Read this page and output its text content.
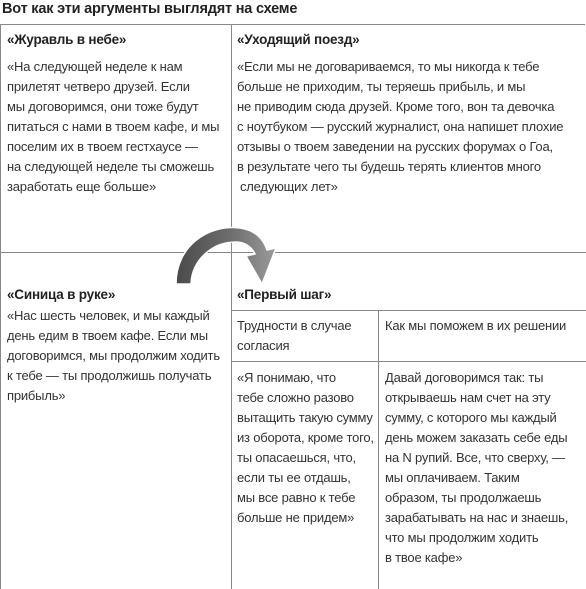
Вот как эти аргументы выглядят на схеме
«Журавль в небе»
«На следующей неделе к нам
прилетят четверо друзей. Если
мы договоримся, они тоже будут
питаться с нами в твоем кафе, и мы
поселим их в твоем гестхаусе —
на следующей неделе ты сможешь
заработать еще больше»
«Уходящий поезд»
«Если мы не договариваемся, то мы никогда к тебе
больше не приходим, ты теряешь прибыль, и мы
не приводим сюда друзей. Кроме того, вон та девочка
с ноутбуком — русский журналист, она напишет плохие
отзывы о твоем заведении на русских форумах о Гоа,
в результате чего ты будешь терять клиентов много
следующих лет»
«Синица в руке»
«Нас шесть человек, и мы каждый
день едим в твоем кафе. Если мы
договоримся, мы продолжим ходить
к тебе — ты продолжишь получать
прибыль»
«Первый шаг»
Трудности в случае
согласия
Как мы поможем в их решении
«Я понимаю, что
тебе сложно разово
вытащить такую сумму
из оборота, кроме того,
ты опасаешься, что,
если ты ее отдашь,
мы все равно к тебе
больше не придем»
Давай договоримся так: ты
открываешь нам счет на эту
сумму, с которого мы каждый
день можем заказать себе еды
на N рупий. Все, что сверху, —
мы оплачиваем. Таким
образом, ты продолжаешь
зарабатывать на нас и знаешь,
что мы продолжим ходить
в твое кафе»
